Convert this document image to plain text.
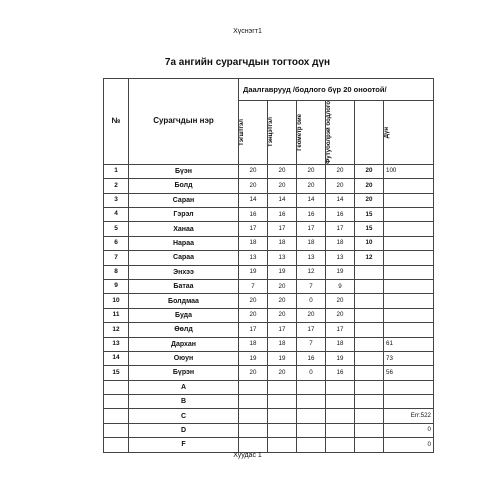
Хүснэгт1
7а ангийн сурагчдын тогтоох дүн
№	Сурагчдын нэр	Даалгаврууд /бодлого бүр 20 оноотой/					

		Тэгштгэл	Тэнцэтгэл	Геометр бие	Футуболрэй бодлого		Дүн

1	Бүэн	20	20	20	20	20	100
2	Болд	20	20	20	20	20	
3	Саран	14	14	14	14	20	
4	Гэрэл	16	16	16	16	15	
5	Ханаа	17	17	17	17	15	
6	Нараа	18	18	18	18	10	
7	Сараа	13	13	13	13	12	
8	Энхээ	19	19	12	19		
9	Батаа	7	20	7	9		
10	Болдмаа	20	20	0	20		
11	Буда	20	20	20	20		
12	Өөлд	17	17	17	17		
13	Дархан	18	18	7	18		61
14	Оюун	19	19	16	19		73
15	Бүрэн	20	20	0	16		56
	A						
	B						
	C						Err:522
	D						0
	F						0
Хуудас 1
